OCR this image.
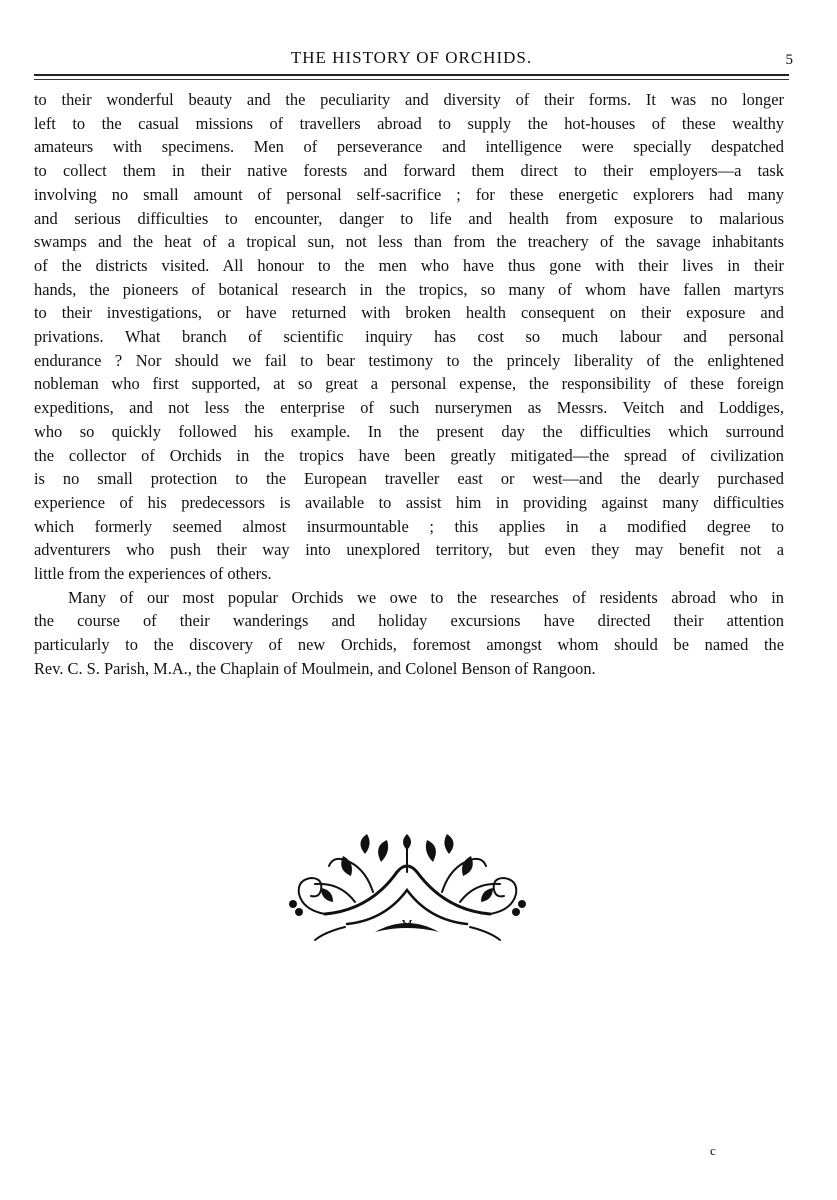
THE HISTORY OF ORCHIDS.	5
to their wonderful beauty and the peculiarity and diversity of their forms. It was no longer
left to the casual missions of travellers abroad to supply the hot-houses of these wealthy
amateurs with specimens. Men of perseverance and intelligence were specially despatched
to collect them in their native forests and forward them direct to their employers—a task
involving no small amount of personal self-sacrifice ; for these energetic explorers had many
and serious difficulties to encounter, danger to life and health from exposure to malarious
swamps and the heat of a tropical sun, not less than from the treachery of the savage inhabitants
of the districts visited. All honour to the men who have thus gone with their lives in their
hands, the pioneers of botanical research in the tropics, so many of whom have fallen martyrs
to their investigations, or have returned with broken health consequent on their exposure and
privations. What branch of scientific inquiry has cost so much labour and personal
endurance ? Nor should we fail to bear testimony to the princely liberality of the enlightened
nobleman who first supported, at so great a personal expense, the responsibility of these foreign
expeditions, and not less the enterprise of such nurserymen as Messrs. Veitch and Loddiges,
who so quickly followed his example. In the present day the difficulties which surround
the collector of Orchids in the tropics have been greatly mitigated—the spread of civilization
is no small protection to the European traveller east or west—and the dearly purchased
experience of his predecessors is available to assist him in providing against many difficulties
which formerly seemed almost insurmountable ; this applies in a modified degree to
adventurers who push their way into unexplored territory, but even they may benefit not a
little from the experiences of others.
Many of our most popular Orchids we owe to the researches of residents abroad who in
the course of their wanderings and holiday excursions have directed their attention
particularly to the discovery of new Orchids, foremost amongst whom should be named the
Rev. C. S. Parish, M.A., the Chaplain of Moulmein, and Colonel Benson of Rangoon.
M
c
